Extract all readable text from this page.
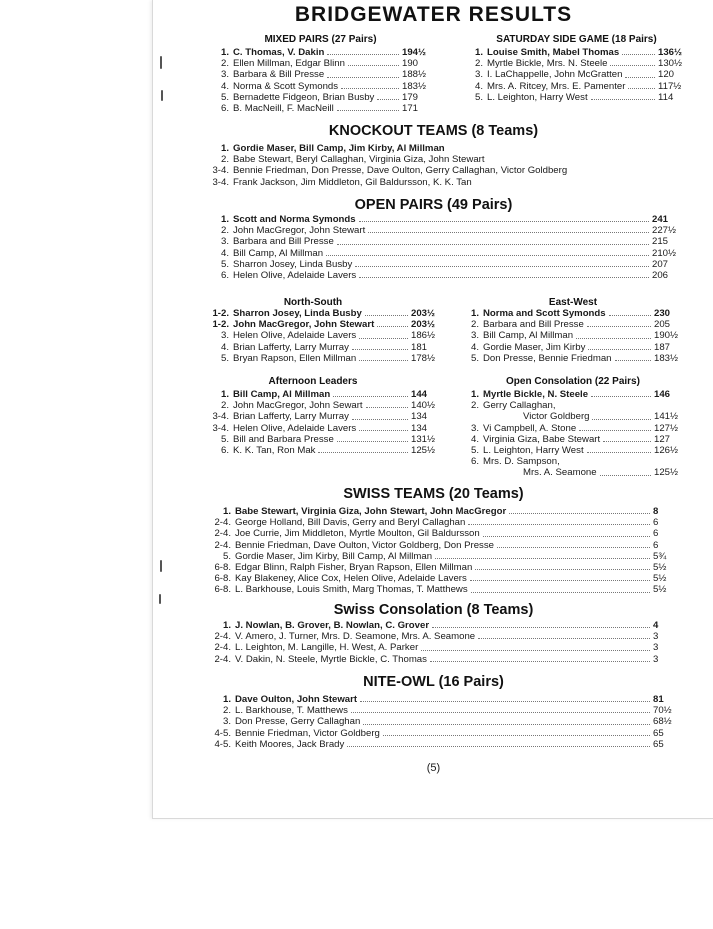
BRIDGEWATER RESULTS
MIXED PAIRS (27 Pairs)
1. C. Thomas, V. Dakin	194½
2. Ellen Millman, Edgar Blinn	190
3. Barbara & Bill Presse	188½
4. Norma & Scott Symonds	183½
5. Bernadette Fidgeon, Brian Busby	179
6. B. MacNeill, F. MacNeill	171
SATURDAY SIDE GAME (18 Pairs)
1. Louise Smith, Mabel Thomas	136½
2. Myrtle Bickle, Mrs. N. Steele	130½
3. I. LaChappelle, John McGratten	120
4. Mrs. A. Ritcey, Mrs. E. Pamenter	117½
5. L. Leighton, Harry West	114
KNOCKOUT TEAMS (8 Teams)
1. Gordie Maser, Bill Camp, Jim Kirby, Al Millman
2. Babe Stewart, Beryl Callaghan, Virginia Giza, John Stewart
3-4. Bennie Friedman, Don Presse, Dave Oulton, Gerry Callaghan, Victor Goldberg
3-4. Frank Jackson, Jim Middleton, Gil Baldursson, K. K. Tan
OPEN PAIRS (49 Pairs)
1. Scott and Norma Symonds	241
2. John MacGregor, John Stewart	227½
3. Barbara and Bill Presse	215
4. Bill Camp, Al Millman	210½
5. Sharron Josey, Linda Busby	207
6. Helen Olive, Adelaide Lavers	206
North-South
1-2. Sharron Josey, Linda Busby	203½
1-2. John MacGregor, John Stewart	203½
3. Helen Olive, Adelaide Lavers	186½
4. Brian Lafferty, Larry Murray	181
5. Bryan Rapson, Ellen Millman	178½
East-West
1. Norma and Scott Symonds	230
2. Barbara and Bill Presse	205
3. Bill Camp, Al Millman	190½
4. Gordie Maser, Jim Kirby	187
5. Don Presse, Bennie Friedman	183½
Afternoon Leaders
1. Bill Camp, Al Millman	144
2. John MacGregor, John Sewart	140½
3-4. Brian Lafferty, Larry Murray	134
3-4. Helen Olive, Adelaide Lavers	134
5. Bill and Barbara Presse	131½
6. K. K. Tan, Ron Mak	125½
Open Consolation (22 Pairs)
1. Myrtle Bickle, N. Steele	146
2. Gerry Callaghan,
Victor Goldberg	141½
3. Vi Campbell, A. Stone	127½
4. Virginia Giza, Babe Stewart	127
5. L. Leighton, Harry West	126½
6. Mrs. D. Sampson,
Mrs. A. Seamone	125½
SWISS TEAMS (20 Teams)
1. Babe Stewart, Virginia Giza, John Stewart, John MacGregor	8
2-4. George Holland, Bill Davis, Gerry and Beryl Callaghan	6
2-4. Joe Currie, Jim Middleton, Myrtle Moulton, Gil Baldursson	6
2-4. Bennie Friedman, Dave Oulton, Victor Goldberg, Don Presse	6
5. Gordie Maser, Jim Kirby, Bill Camp, Al Millman	5¾
6-8. Edgar Blinn, Ralph Fisher, Bryan Rapson, Ellen Millman	5½
6-8. Kay Blakeney, Alice Cox, Helen Olive, Adelaide Lavers	5½
6-8. L. Barkhouse, Louis Smith, Marg Thomas, T. Matthews	5½
Swiss Consolation (8 Teams)
1. J. Nowlan, B. Grover, B. Nowlan, C. Grover	4
2-4. V. Amero, J. Turner, Mrs. D. Seamone, Mrs. A. Seamone	3
2-4. L. Leighton, M. Langille, H. West, A. Parker	3
2-4. V. Dakin, N. Steele, Myrtle Bickle, C. Thomas	3
NITE-OWL (16 Pairs)
1. Dave Oulton, John Stewart	81
2. L. Barkhouse, T. Matthews	70½
3. Don Presse, Gerry Callaghan	68½
4-5. Bennie Friedman, Victor Goldberg	65
4-5. Keith Moores, Jack Brady	65
(5)
